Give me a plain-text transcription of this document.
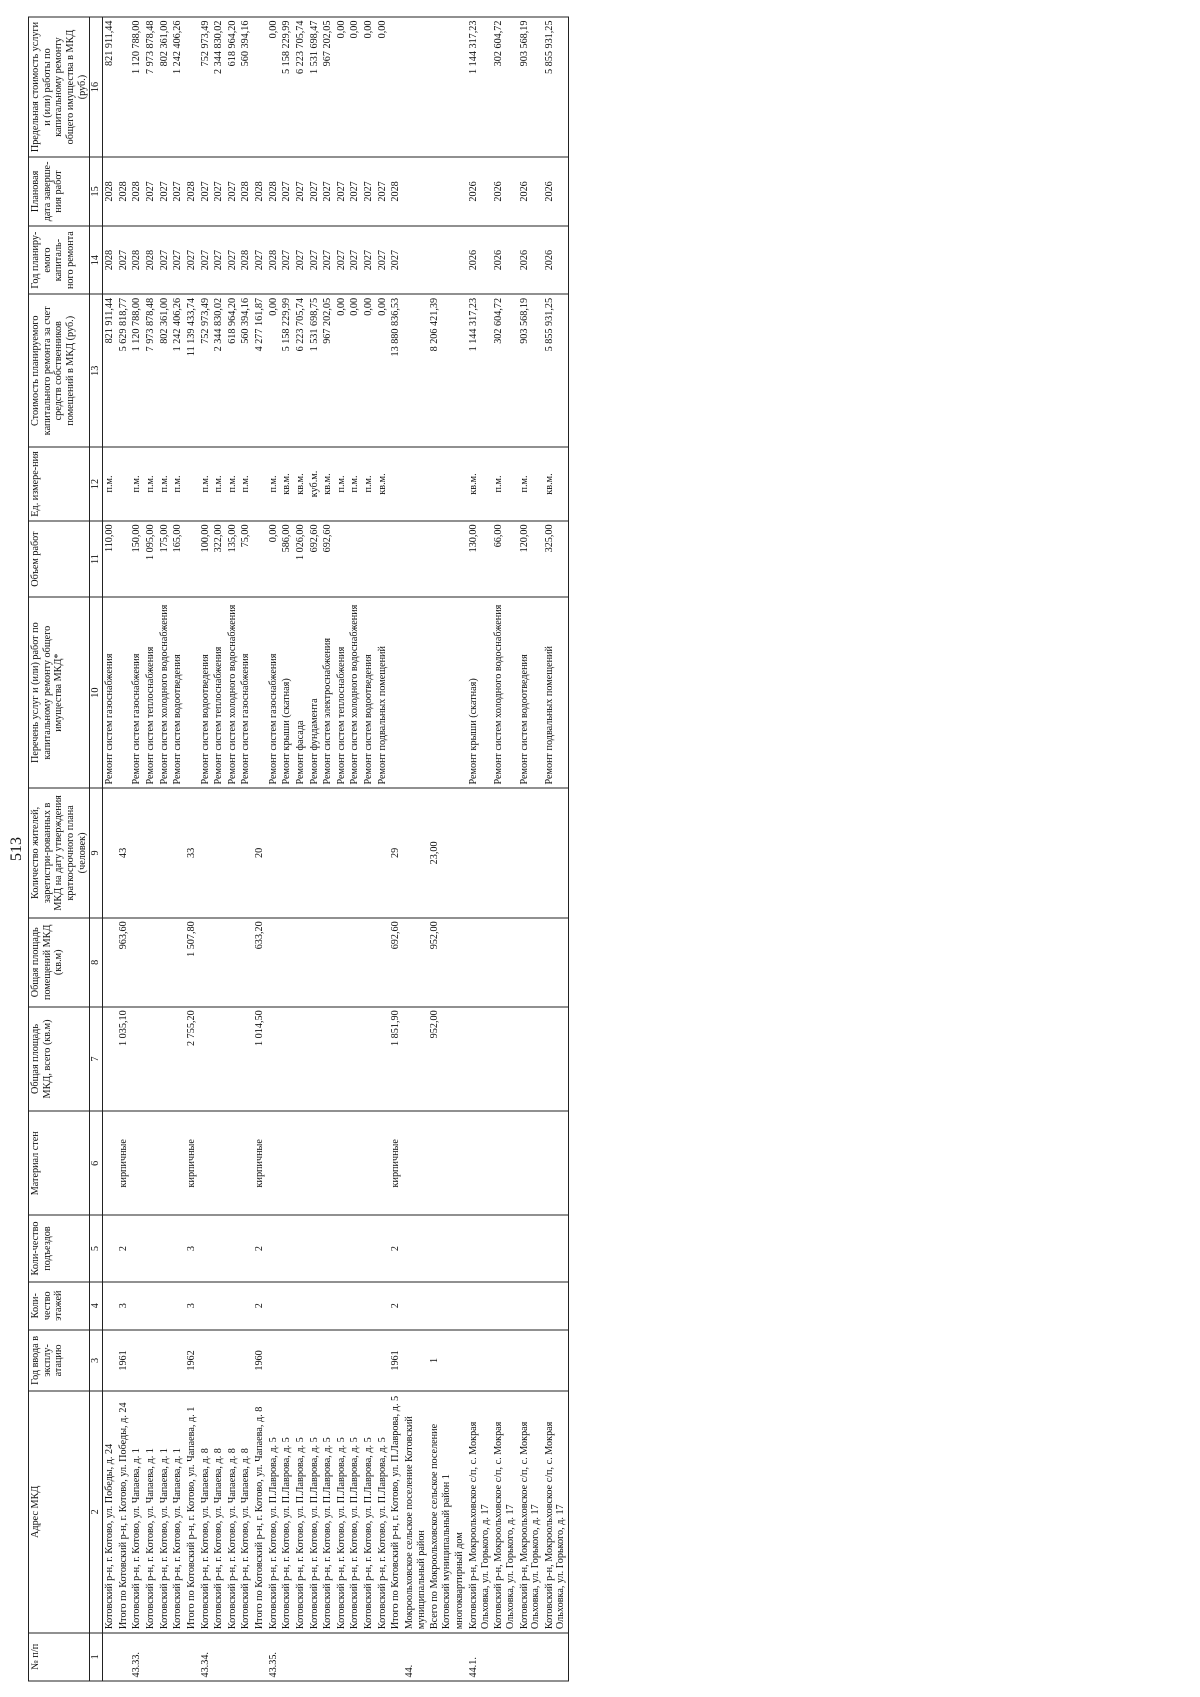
513
№ п/п	Адрес МКД	Год ввода в эксплу-атацию	Коли-чество этажей	Коли-чество подъездов	Материал стен	Общая площадь МКД, всего (кв.м)	Общая площадь помещений МКД (кв.м)	Количество жителей, зарегистри-рованных в МКД на дату утверждения краткосрочного плана (человек)	Перечень услуг и (или) работ по капитальному ремонту общего имущества МКД*	Объем работ	Ед. измере-ния	Стоимость планируемого капитального ремонта за счет средств собственников помещений в МКД (руб.)	Год планиру-емого капиталь-ного ремонта	Плановая дата заверше-ния работ	Предельная стоимость услуги и (или) работы по капитальному ремонту общего имущества в МКД (руб.)
1	2	3	4	5	6	7	8	9	10	11	12	13	14	15	16
	Котовский р-н, г. Котово, ул. Победы, д. 24								Ремонт систем газоснабжения	110,00	п.м.	821 911,44	2028	2028	821 911,44
	Итого по Котовский р-н, г. Котово, ул. Победы, д. 24	1961	3	2	кирпичные	1 035,10	963,60	43				5 629 818,77	2027	2028	
43.33.	Котовский р-н, г. Котово, ул. Чапаева, д. 1								Ремонт систем газоснабжения	150,00	п.м.	1 120 788,00	2028	2028	1 120 788,00
	Котовский р-н, г. Котово, ул. Чапаева, д. 1								Ремонт систем теплоснабжения	1 095,00	п.м.	7 973 878,48	2028	2027	7 973 878,48
	Котовский р-н, г. Котово, ул. Чапаева, д. 1								Ремонт систем холодного водоснабжения	175,00	п.м.	802 361,00	2027	2027	802 361,00
	Котовский р-н, г. Котово, ул. Чапаева, д. 1								Ремонт систем водоотведения	165,00	п.м.	1 242 406,26	2027	2027	1 242 406,26
	Итого по Котовский р-н, г. Котово, ул. Чапаева, д. 1	1962	3	3	кирпичные	2 755,20	1 507,80	33				11 139 433,74	2027	2028	
43.34.	Котовский р-н, г. Котово, ул. Чапаева, д. 8								Ремонт систем водоотведения	100,00	п.м.	752 973,49	2027	2027	752 973,49
	Котовский р-н, г. Котово, ул. Чапаева, д. 8								Ремонт систем теплоснабжения	322,00	п.м.	2 344 830,02	2027	2027	2 344 830,02
	Котовский р-н, г. Котово, ул. Чапаева, д. 8								Ремонт систем холодного водоснабжения	135,00	п.м.	618 964,20	2027	2027	618 964,20
	Котовский р-н, г. Котово, ул. Чапаева, д. 8								Ремонт систем газоснабжения	75,00	п.м.	560 394,16	2028	2028	560 394,16
	Итого по Котовский р-н, г. Котово, ул. Чапаева, д. 8	1960	2	2	кирпичные	1 014,50	633,20	20				4 277 161,87	2027	2028	
43.35.	Котовский р-н, г. Котово, ул. П.Лаврова, д. 5								Ремонт систем газоснабжения	0,00	п.м.	0,00	2028	2028	0,00
	Котовский р-н, г. Котово, ул. П.Лаврова, д. 5								Ремонт крыши (скатная)	586,00	кв.м.	5 158 229,99	2027	2027	5 158 229,99
	Котовский р-н, г. Котово, ул. П.Лаврова, д. 5								Ремонт фасада	1 026,00	кв.м.	6 223 705,74	2027	2027	6 223 705,74
	Котовский р-н, г. Котово, ул. П.Лаврова, д. 5								Ремонт фундамента	692,60	куб.м.	1 531 698,75	2027	2027	1 531 698,47
	Котовский р-н, г. Котово, ул. П.Лаврова, д. 5								Ремонт систем электроснабжения	692,60	кв.м.	967 202,05	2027	2027	967 202,05
	Котовский р-н, г. Котово, ул. П.Лаврова, д. 5								Ремонт систем теплоснабжения		п.м.	0,00	2027	2027	0,00
	Котовский р-н, г. Котово, ул. П.Лаврова, д. 5								Ремонт систем холодного водоснабжения		п.м.	0,00	2027	2027	0,00
	Котовский р-н, г. Котово, ул. П.Лаврова, д. 5								Ремонт систем водоотведения		п.м.	0,00	2027	2027	0,00
	Котовский р-н, г. Котово, ул. П.Лаврова, д. 5								Ремонт подвальных помещений		кв.м.	0,00	2027	2027	0,00
	Итого по Котовский р-н, г. Котово, ул. П.Лаврова, д. 5	1961	2	2	кирпичные	1 851,90	692,60	29				13 880 836,53	2027	2028	
44.	Мокроольховское сельское поселение Котовский муниципальный район														
	Всего по Мокроольховское сельское поселение Котовский муниципальный район 1	1				952,00	952,00	23,00				8 206 421,39			
	многоквартирный дом														
44.1.	Котовский р-н, Мокроольховское с/п, с. Мокрая Ольховка, ул. Горького, д. 17								Ремонт крыши (скатная)	130,00	кв.м.	1 144 317,23	2026	2026	1 144 317,23
	Котовский р-н, Мокроольховское с/п, с. Мокрая Ольховка, ул. Горького, д. 17								Ремонт систем холодного водоснабжения	66,00	п.м.	302 604,72	2026	2026	302 604,72
	Котовский р-н, Мокроольховское с/п, с. Мокрая Ольховка, ул. Горького, д. 17								Ремонт систем водоотведения	120,00	п.м.	903 568,19	2026	2026	903 568,19
	Котовский р-н, Мокроольховское с/п, с. Мокрая Ольховка, ул. Горького, д. 17								Ремонт подвальных помещений	325,00	кв.м.	5 855 931,25	2026	2026	5 855 931,25
